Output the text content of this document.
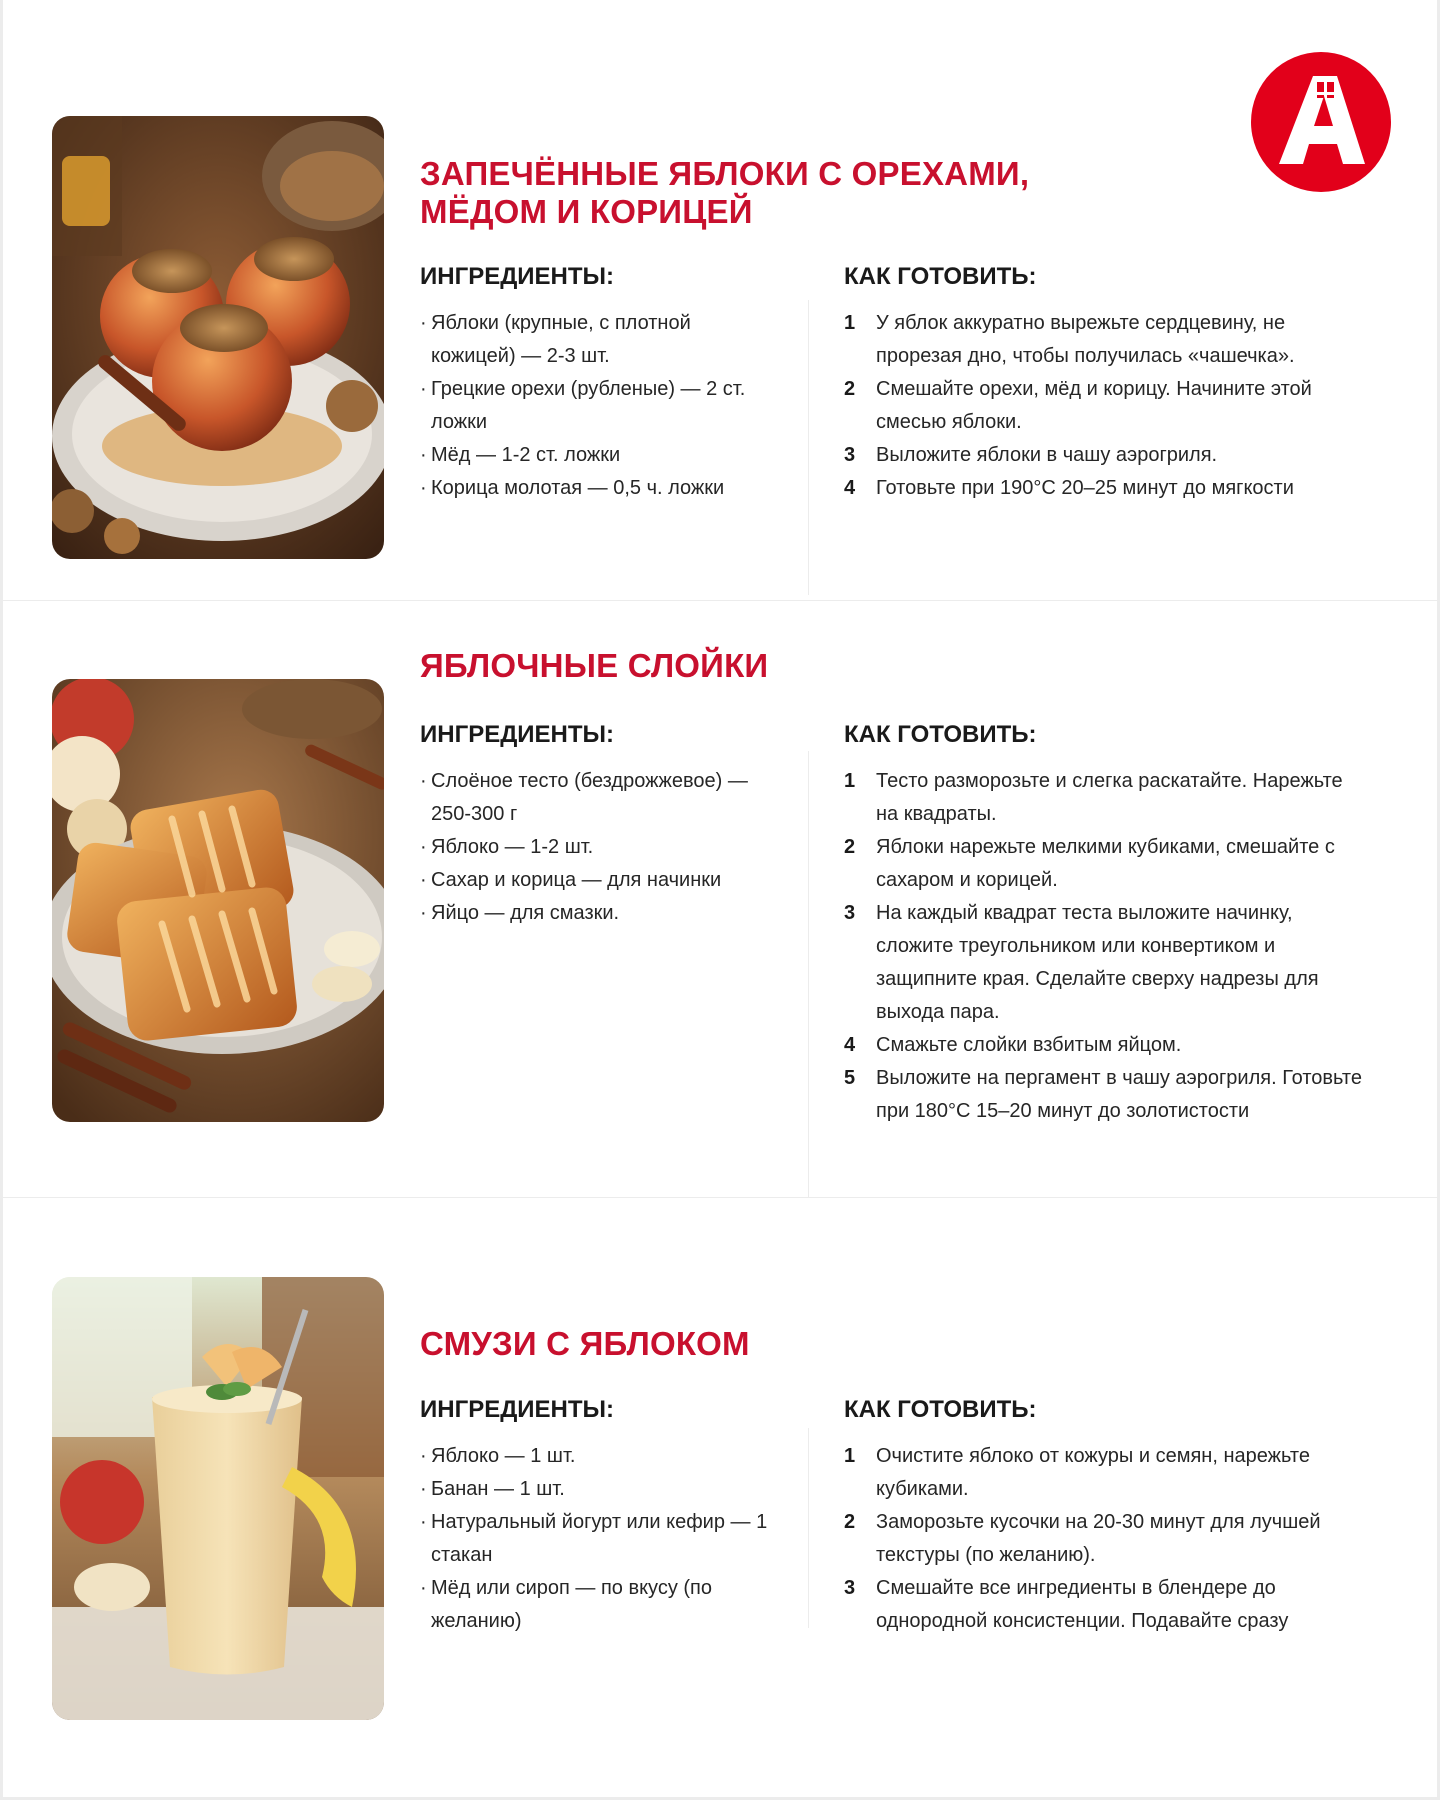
ЗАПЕЧЁННЫЕ ЯБЛОКИ С ОРЕХАМИ,
МЁДОМ И КОРИЦЕЙ
ИНГРЕДИЕНТЫ:
· Яблоки (крупные, с плотной кожицей) — 2-3 шт.
· Грецкие орехи (рубленые) — 2 ст. ложки
· Мёд — 1-2 ст. ложки
· Корица молотая — 0,5 ч. ложки
КАК ГОТОВИТЬ:
1	У яблок аккуратно вырежьте сердцевину, не прорезая дно, чтобы получилась «чашечка».
2	Смешайте орехи, мёд и корицу. Начините этой смесью яблоки.
3	Выложите яблоки в чашу аэрогриля.
4	Готовьте при 190°C 20–25 минут до мягкости
ЯБЛОЧНЫЕ СЛОЙКИ
ИНГРЕДИЕНТЫ:
· Слоёное тесто (бездрожжевое) — 250-300 г
· Яблоко — 1-2 шт.
· Сахар и корица — для начинки
· Яйцо — для смазки.
КАК ГОТОВИТЬ:
1	Тесто разморозьте и слегка раскатайте. Нарежьте на квадраты.
2	Яблоки нарежьте мелкими кубиками, смешайте с сахаром и корицей.
3	На каждый квадрат теста выложите начинку, сложите треугольником или конвертиком и защипните края. Сделайте сверху надрезы для выхода пара.
4	Смажьте слойки взбитым яйцом.
5	Выложите на пергамент в чашу аэрогриля. Готовьте при 180°C 15–20 минут до золотистости
СМУЗИ С ЯБЛОКОМ
ИНГРЕДИЕНТЫ:
· Яблоко — 1 шт.
· Банан — 1 шт.
· Натуральный йогурт или кефир — 1 стакан
· Мёд или сироп — по вкусу (по желанию)
КАК ГОТОВИТЬ:
1	Очистите яблоко от кожуры и семян, нарежьте кубиками.
2	Заморозьте кусочки на 20-30 минут для лучшей текстуры (по желанию).
3	Смешайте все ингредиенты в блендере до однородной консистенции. Подавайте сразу
